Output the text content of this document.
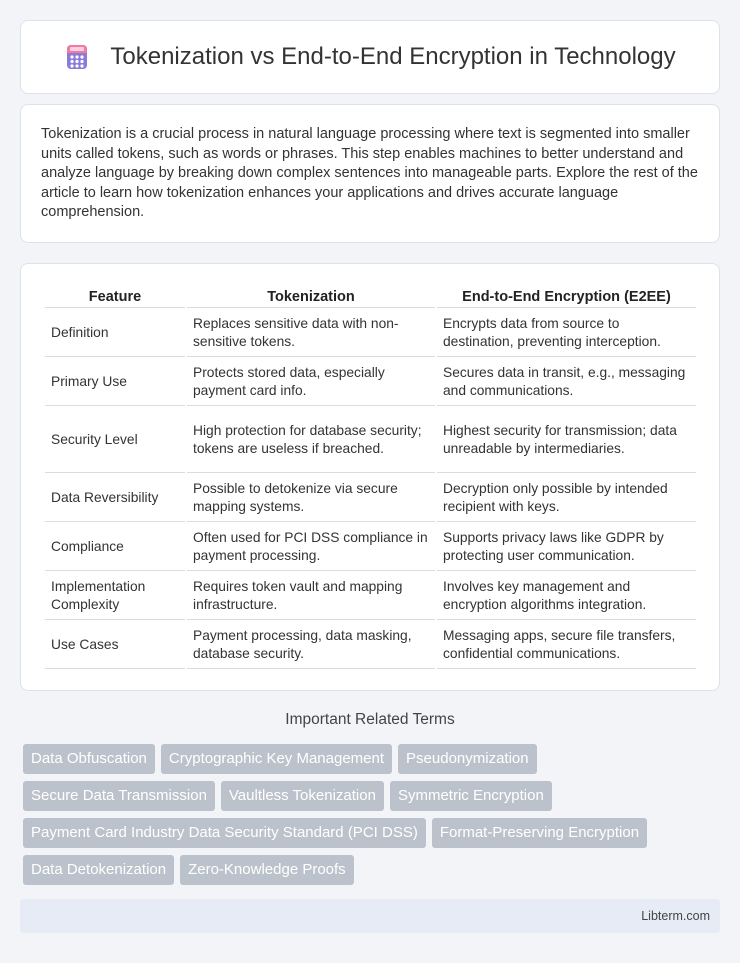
Tokenization vs End-to-End Encryption in Technology

Tokenization is a crucial process in natural language processing where text is segmented into smaller units called tokens, such as words or phrases. This step enables machines to better understand and analyze language by breaking down complex sentences into manageable parts. Explore the rest of the article to learn how tokenization enhances your applications and drives accurate language comprehension.

Feature	Tokenization	End-to-End Encryption (E2EE)
Definition	Replaces sensitive data with non-sensitive tokens.	Encrypts data from source to destination, preventing interception.
Primary Use	Protects stored data, especially payment card info.	Secures data in transit, e.g., messaging and communications.
Security Level	High protection for database security; tokens are useless if breached.	Highest security for transmission; data unreadable by intermediaries.
Data Reversibility	Possible to detokenize via secure mapping systems.	Decryption only possible by intended recipient with keys.
Compliance	Often used for PCI DSS compliance in payment processing.	Supports privacy laws like GDPR by protecting user communication.
Implementation Complexity	Requires token vault and mapping infrastructure.	Involves key management and encryption algorithms integration.
Use Cases	Payment processing, data masking, database security.	Messaging apps, secure file transfers, confidential communications.
Important Related Terms
Data Obfuscation	Cryptographic Key Management	Pseudonymization
Secure Data Transmission	Vaultless Tokenization	Symmetric Encryption
Payment Card Industry Data Security Standard (PCI DSS)	Format-Preserving Encryption
Data Detokenization	Zero-Knowledge Proofs
Libterm.com
